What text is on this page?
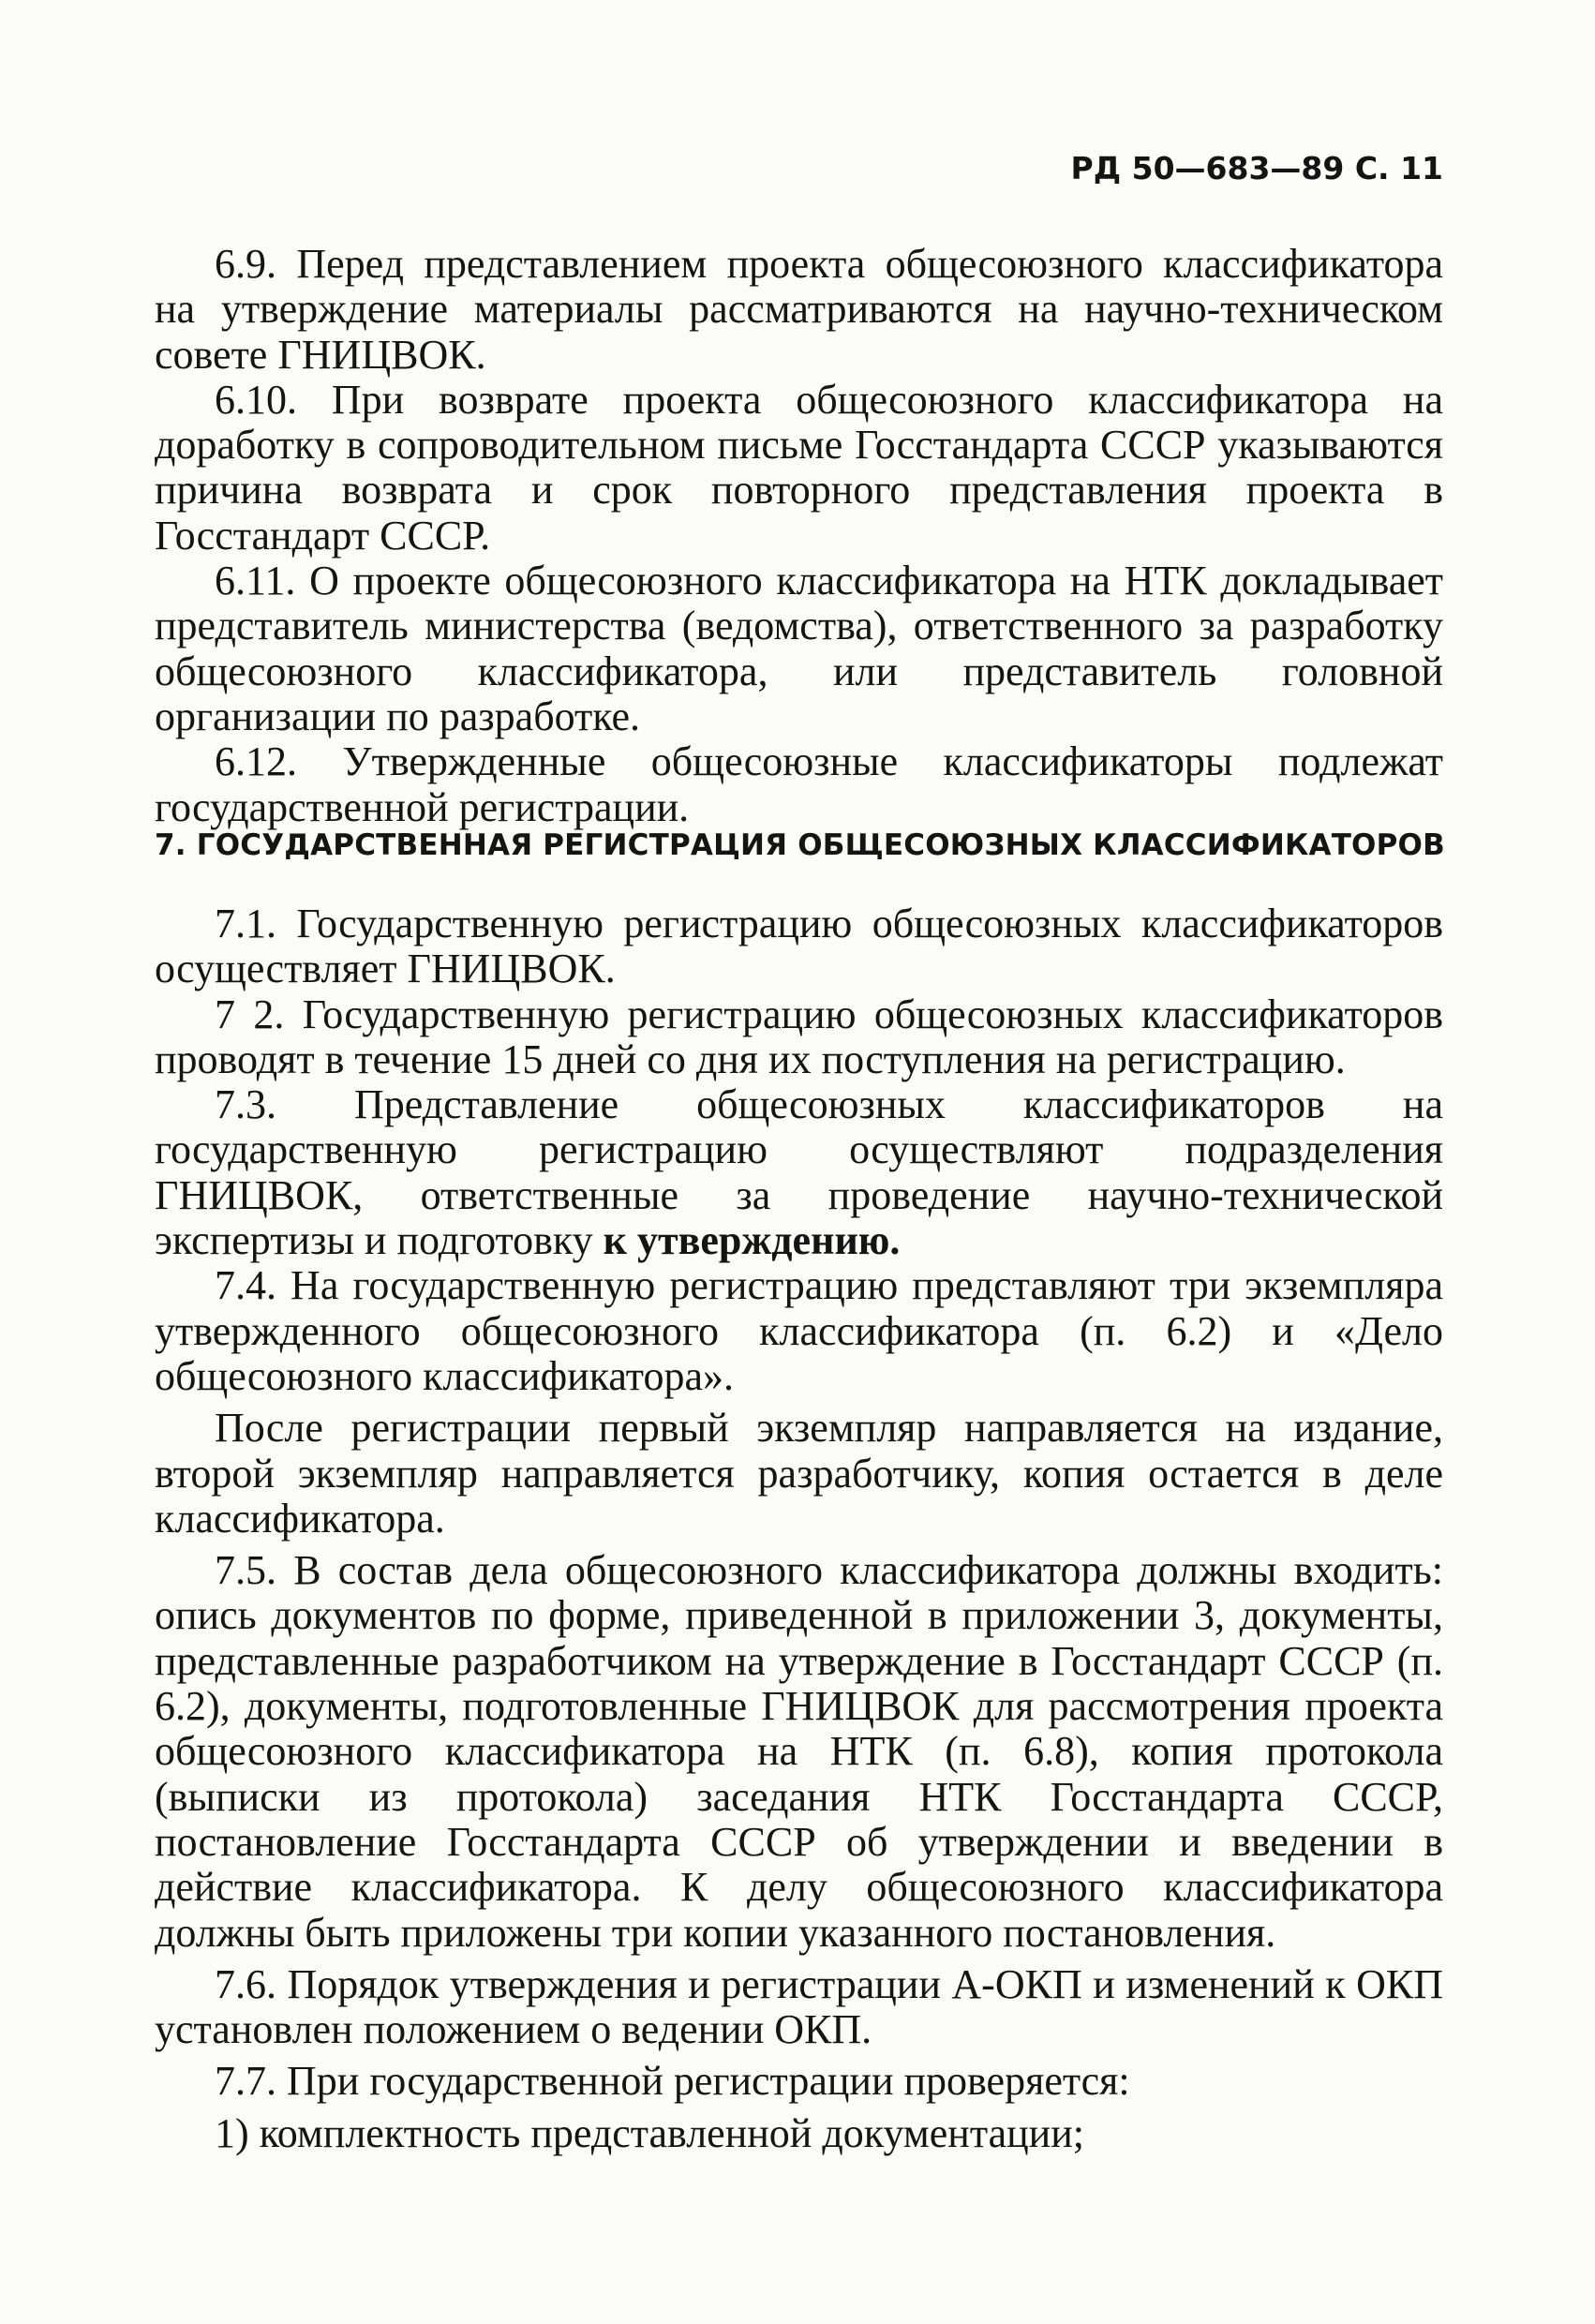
РД 50—683—89 С. 11

6.9. Перед представлением проекта общесоюзного классификатора на утверждение материалы рассматриваются на научно-техническом совете ГНИЦВОК.

6.10. При возврате проекта общесоюзного классификатора на доработку в сопроводительном письме Госстандарта СССР указываются причина возврата и срок повторного представления проекта в Госстандарт СССР.

6.11. О проекте общесоюзного классификатора на НТК докладывает представитель министерства (ведомства), ответственного за разработку общесоюзного классификатора, или представитель головной организации по разработке.

6.12. Утвержденные общесоюзные классификаторы подлежат государственной регистрации.

7. ГОСУДАРСТВЕННАЯ РЕГИСТРАЦИЯ ОБЩЕСОЮЗНЫХ КЛАССИФИКАТОРОВ

7.1. Государственную регистрацию общесоюзных классификаторов осуществляет ГНИЦВОК.

7 2. Государственную регистрацию общесоюзных классификаторов проводят в течение 15 дней со дня их поступления на регистрацию.

7.3. Представление общесоюзных классификаторов на государственную регистрацию осуществляют подразделения ГНИЦВОК, ответственные за проведение научно-технической экспертизы и подготовку к утверждению.

7.4. На государственную регистрацию представляют три экземпляра утвержденного общесоюзного классификатора (п. 6.2) и «Дело общесоюзного классификатора».

После регистрации первый экземпляр направляется на издание, второй экземпляр направляется разработчику, копия остается в деле классификатора.

7.5. В состав дела общесоюзного классификатора должны входить: опись документов по форме, приведенной в приложении 3, документы, представленные разработчиком на утверждение в Госстандарт СССР (п. 6.2), документы, подготовленные ГНИЦВОК для рассмотрения проекта общесоюзного классификатора на НТК (п. 6.8), копия протокола (выписки из протокола) заседания НТК Госстандарта СССР, постановление Госстандарта СССР об утверждении и введении в действие классификатора. К делу общесоюзного классификатора должны быть приложены три копии указанного постановления.

7.6. Порядок утверждения и регистрации А-ОКП и изменений к ОКП установлен положением о ведении ОКП.

7.7. При государственной регистрации проверяется:

1) комплектность представленной документации;
